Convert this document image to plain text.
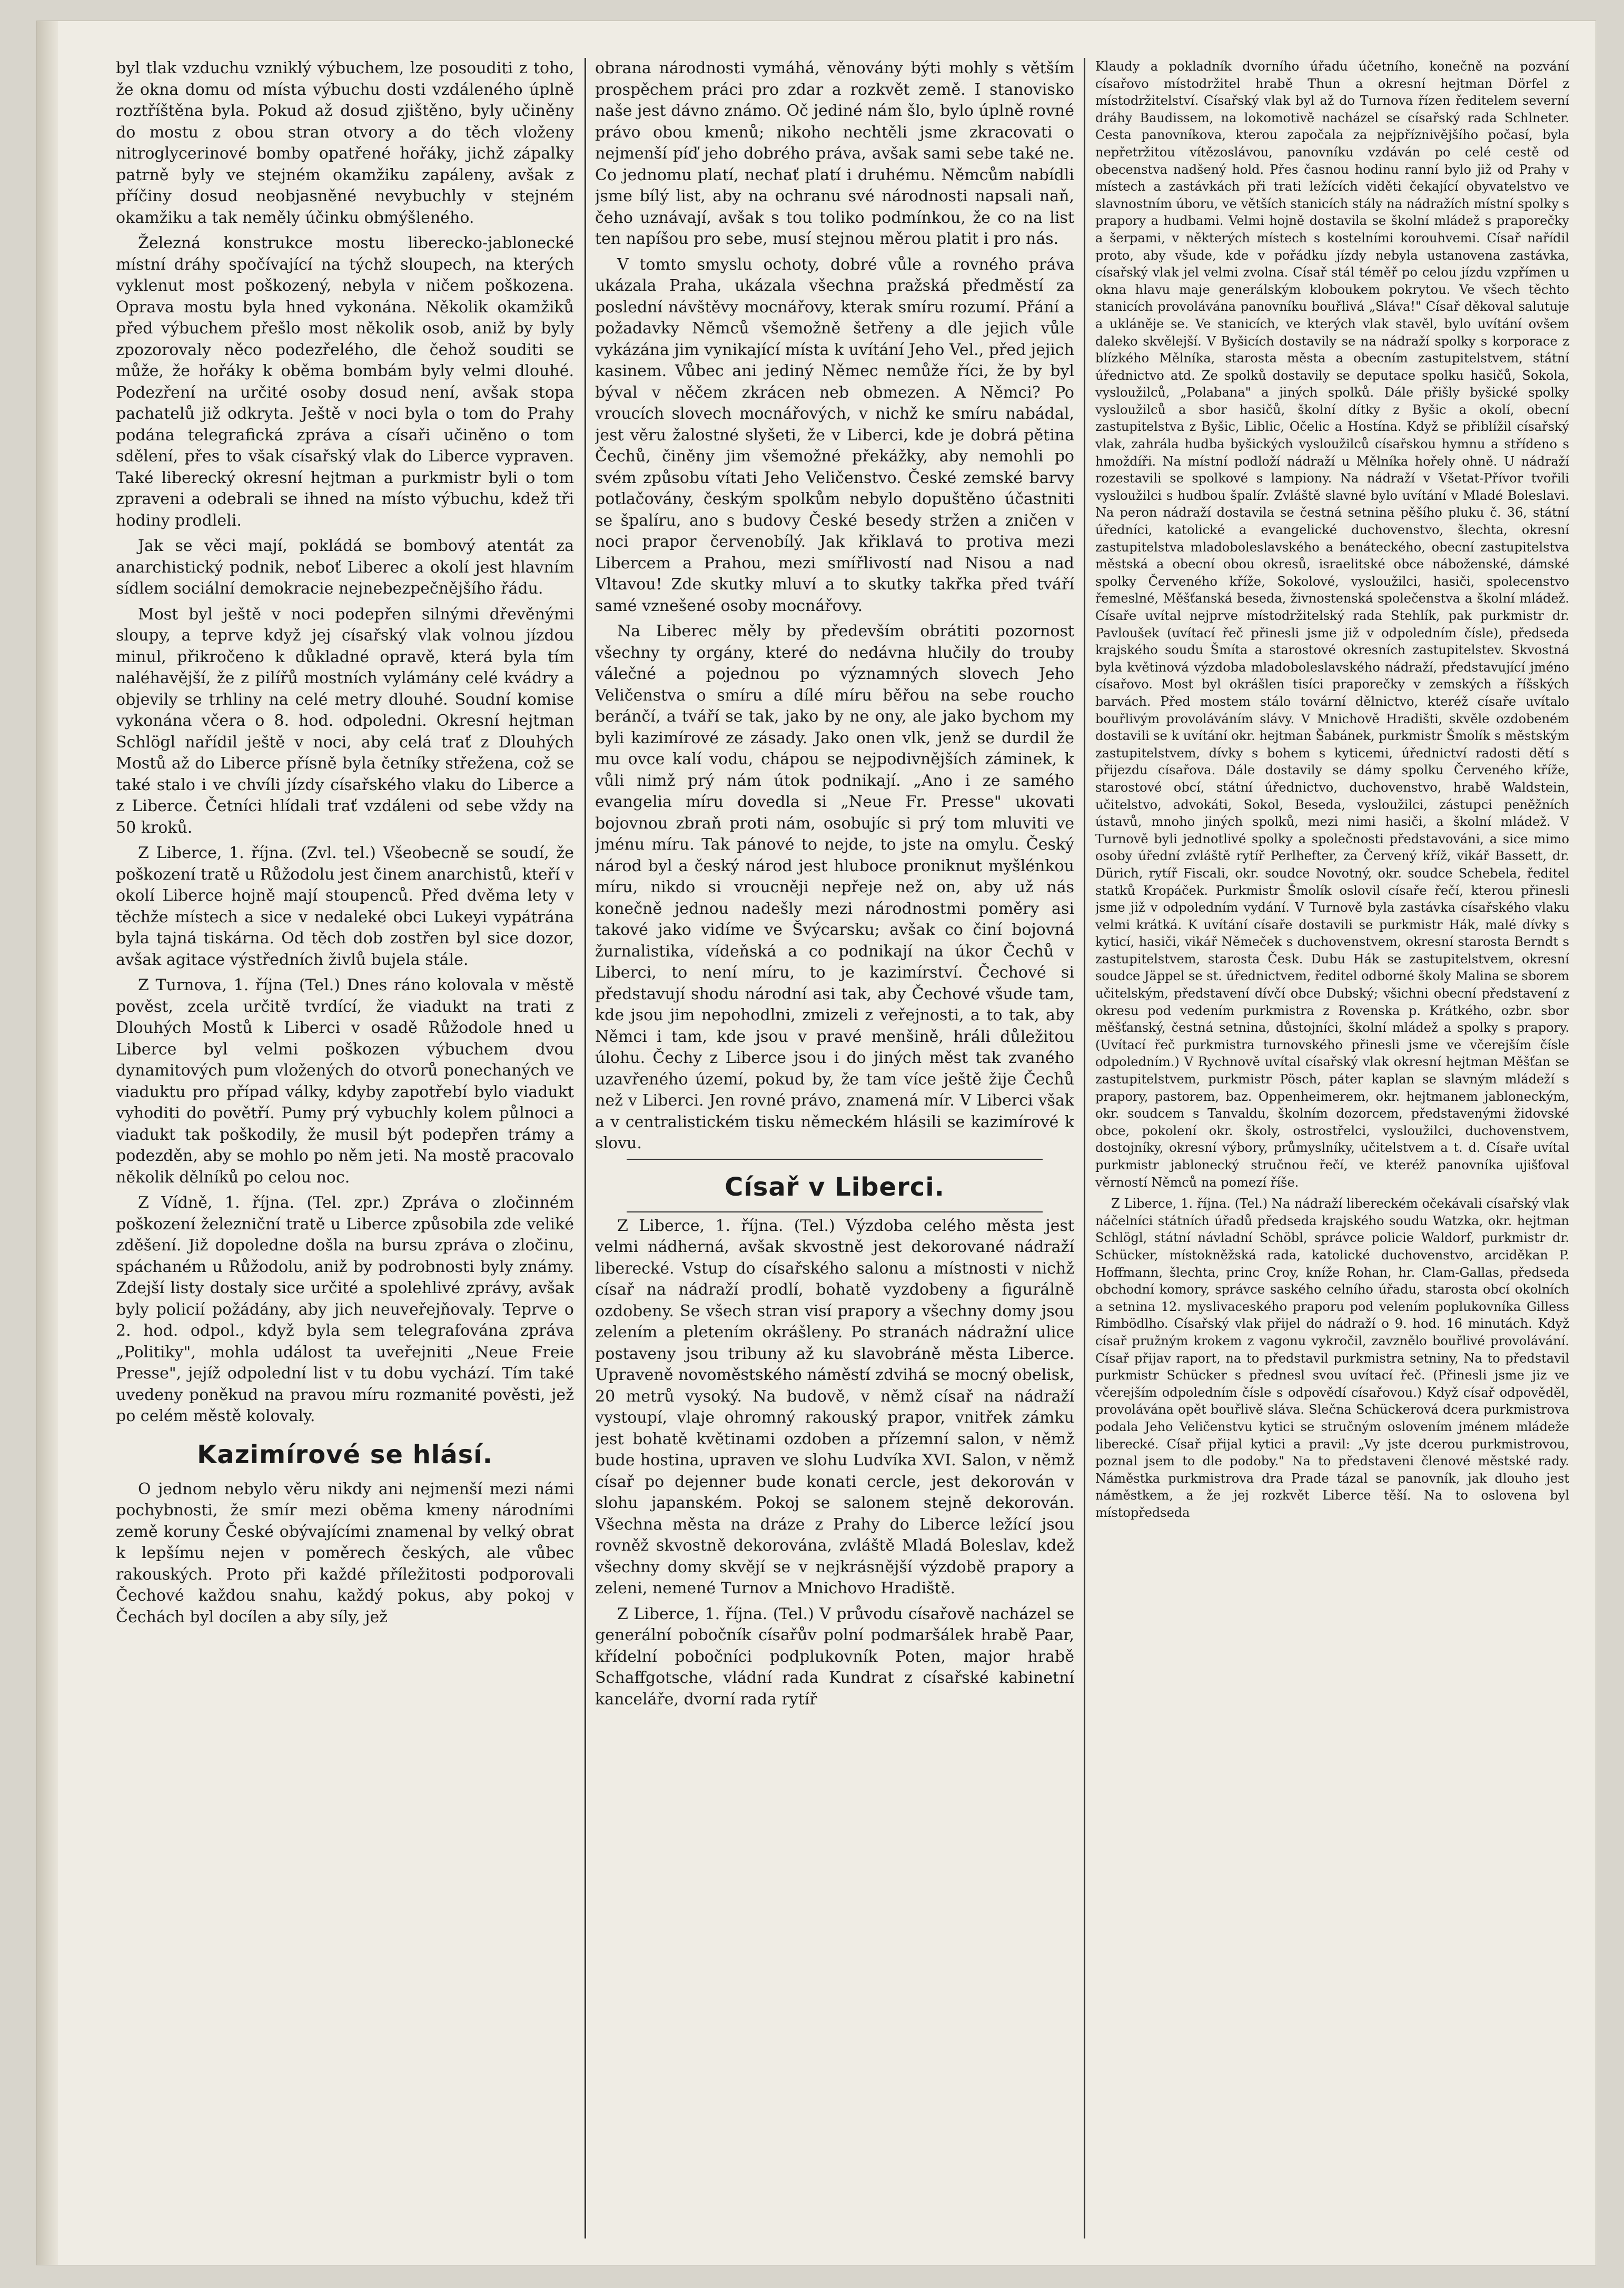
byl tlak vzduchu vzniklý výbuchem, lze posouditi z toho, že okna domu od místa výbuchu dosti vzdáleného úplně roztříštěna byla. Pokud až dosud zjištěno, byly učiněny do mostu z obou stran otvory a do těch vloženy nitroglycerinové bomby opatřené hořáky, jichž zápalky patrně byly ve stejném okamžiku zapáleny, avšak z příčiny dosud neobjasněné nevybuchly v stejném okamžiku a tak neměly účinku obmýšleného.

Železná konstrukce mostu liberecko-jablonecké místní dráhy spočívající na týchž sloupech, na kterých vyklenut most poškozený, nebyla v ničem poškozena. Oprava mostu byla hned vykonána. Několik okamžiků před výbuchem přešlo most několik osob, aniž by byly zpozorovaly něco podezřelého, dle čehož souditi se může, že hořáky k oběma bombám byly velmi dlouhé. Podezření na určité osoby dosud není, avšak stopa pachatelů již odkryta. Ještě v noci byla o tom do Prahy podána telegrafická zpráva a císaři učiněno o tom sdělení, přes to však císařský vlak do Liberce vypraven. Také liberecký okresní hejtman a purkmistr byli o tom zpraveni a odebrali se ihned na místo výbuchu, kdež tři hodiny prodleli.

Jak se věci mají, pokládá se bombový atentát za anarchistický podnik, neboť Liberec a okolí jest hlavním sídlem sociální demokracie nejnebezpečnějšího řádu.

Most byl ještě v noci podepřen silnými dřevěnými sloupy, a teprve když jej císařský vlak volnou jízdou minul, přikročeno k důkladné opravě, která byla tím naléhavější, že z pilířů mostních vylámány celé kvádry a objevily se trhliny na celé metry dlouhé. Soudní komise vykonána včera o 8. hod. odpoledni. Okresní hejtman Schlögl nařídil ještě v noci, aby celá trať z Dlouhých Mostů až do Liberce přísně byla četníky střežena, což se také stalo i ve chvíli jízdy císařského vlaku do Liberce a z Liberce. Četníci hlídali trať vzdáleni od sebe vždy na 50 kroků.

Z Liberce, 1. října. (Zvl. tel.) Všeobecně se soudí, že poškození tratě u Růžodolu jest činem anarchistů, kteří v okolí Liberce hojně mají stoupenců. Před dvěma lety v těchže místech a sice v nedaleké obci Lukeyi vypátrána byla tajná tiskárna. Od těch dob zostřen byl sice dozor, avšak agitace výstředních živlů bujela stále.

Z Turnova, 1. října (Tel.) Dnes ráno kolovala v městě pověst, zcela určitě tvrdící, že viadukt na trati z Dlouhých Mostů k Liberci v osadě Růžodole hned u Liberce byl velmi poškozen výbuchem dvou dynamitových pum vložených do otvorů ponechaných ve viaduktu pro případ války, kdyby zapotřebí bylo viadukt vyhoditi do povětří. Pumy prý vybuchly kolem půlnoci a viadukt tak poškodily, že musil být podepřen trámy a podezděn, aby se mohlo po něm jeti. Na mostě pracovalo několik dělníků po celou noc.

Z Vídně, 1. října. (Tel. zpr.) Zpráva o zločinném poškození železniční tratě u Liberce způsobila zde veliké zděšení. Již dopoledne došla na bursu zpráva o zločinu, spáchaném u Růžodolu, aniž by podrobnosti byly známy. Zdejší listy dostaly sice určité a spolehlivé zprávy, avšak byly policií požádány, aby jich neuveřejňovaly. Teprve o 2. hod. odpol., když byla sem telegrafována zpráva „Politiky", mohla událost ta uveřejniti „Neue Freie Presse", jejíž odpolední list v tu dobu vychází. Tím také uvedeny poněkud na pravou míru rozmanité pověsti, jež po celém městě kolovaly.

Kazimírové se hlásí.

O jednom nebylo věru nikdy ani nejmenší mezi námi pochybnosti, že smír mezi oběma kmeny národními země koruny České obývajícími znamenal by velký obrat k lepšímu nejen v poměrech českých, ale vůbec rakouských. Proto při každé příležitosti podporovali Čechové každou snahu, každý pokus, aby pokoj v Čechách byl docílen a aby síly, jež

obrana národnosti vymáhá, věnovány býti mohly s větším prospěchem práci pro zdar a rozkvět země. I stanovisko naše jest dávno známo. Oč jediné nám šlo, bylo úplně rovné právo obou kmenů; nikoho nechtěli jsme zkracovati o nejmenší píď jeho dobrého práva, avšak sami sebe také ne. Co jednomu platí, nechať platí i druhému. Němcům nabídli jsme bílý list, aby na ochranu své národnosti napsali naň, čeho uznávají, avšak s tou toliko podmínkou, že co na list ten napíšou pro sebe, musí stejnou měrou platit i pro nás.

V tomto smyslu ochoty, dobré vůle a rovného práva ukázala Praha, ukázala všechna pražská předměstí za poslední návštěvy mocnářovy, kterak smíru rozumí. Přání a požadavky Němců všemožně šetřeny a dle jejich vůle vykázána jim vynikající místa k uvítání Jeho Vel., před jejich kasinem. Vůbec ani jediný Němec nemůže říci, že by byl býval v něčem zkrácen neb obmezen. A Němci? Po vroucích slovech mocnářových, v nichž ke smíru nabádal, jest věru žalostné slyšeti, že v Liberci, kde je dobrá pětina Čechů, činěny jim všemožné překážky, aby nemohli po svém způsobu vítati Jeho Veličenstvo. České zemské barvy potlačovány, českým spolkům nebylo dopuštěno účastniti se špalíru, ano s budovy České besedy stržen a zničen v noci prapor červenobílý. Jak křiklavá to protiva mezi Libercem a Prahou, mezi smířlivostí nad Nisou a nad Vltavou! Zde skutky mluví a to skutky takřka před tváří samé vznešené osoby mocnářovy.

Na Liberec měly by především obrátiti pozornost všechny ty orgány, které do nedávna hlučily do trouby válečné a pojednou po významných slovech Jeho Veličenstva o smíru a dílé míru běřou na sebe roucho beránčí, a tváří se tak, jako by ne ony, ale jako bychom my byli kazimírové ze zásady. Jako onen vlk, jenž se durdil že mu ovce kalí vodu, chápou se nejpodivnějších záminek, k vůli nimž prý nám útok podnikají. „Ano i ze samého evangelia míru dovedla si „Neue Fr. Presse" ukovati bojovnou zbraň proti nám, osobujíc si prý tom mluviti ve jménu míru. Tak pánové to nejde, to jste na omylu. Český národ byl a český národ jest hluboce proniknut myšlénkou míru, nikdo si vroucněji nepřeje než on, aby už nás konečně jednou nadešly mezi národnostmi poměry asi takové jako vidíme ve Švýcarsku; avšak co činí bojovná žurnalistika, vídeňská a co podnikají na úkor Čechů v Liberci, to není míru, to je kazimírství. Čechové si představují shodu národní asi tak, aby Čechové všude tam, kde jsou jim nepohodlni, zmizeli z veřejnosti, a to tak, aby Němci i tam, kde jsou v pravé menšině, hráli důležitou úlohu. Čechy z Liberce jsou i do jiných měst tak zvaného uzavřeného území, pokud by, že tam více ještě žije Čechů než v Liberci. Jen rovné právo, znamená mír. V Liberci však a v centralistickém tisku německém hlásili se kazimírové k slovu.

Císař v Liberci.

Z Liberce, 1. října. (Tel.) Výzdoba celého města jest velmi nádherná, avšak skvostně jest dekorované nádraží liberecké. Vstup do císařského salonu a místnosti v nichž císař na nádraží prodlí, bohatě vyzdobeny a figurálně ozdobeny. Se všech stran visí prapory a všechny domy jsou zelením a pletením okrášleny. Po stranách nádražní ulice postaveny jsou tribuny až ku slavobráně města Liberce. Upraveně novoměstského náměstí zdvihá se mocný obelisk, 20 metrů vysoký. Na budově, v němž císař na nádraží vystoupí, vlaje ohromný rakouský prapor, vnitřek zámku jest bohatě květinami ozdoben a přízemní salon, v němž bude hostina, upraven ve slohu Ludvíka XVI. Salon, v němž císař po dejenner bude konati cercle, jest dekorován v slohu japanském. Pokoj se salonem stejně dekorován. Všechna města na dráze z Prahy do Liberce ležící jsou rovněž skvostně dekorována, zvláště Mladá Boleslav, kdež všechny domy skvějí se v nejkrásnější výzdobě prapory a zeleni, nemené Turnov a Mnichovo Hradiště.

Z Liberce, 1. října. (Tel.) V průvodu císařově nacházel se generální pobočník císařův polní podmaršálek hrabě Paar, křídelní pobočníci podplukovník Poten, major hrabě Schaffgotsche, vládní rada Kundrat z císařské kabinetní kanceláře, dvorní rada rytíř

Klaudy a pokladník dvorního úřadu účetního, konečně na pozvání císařovo místodržitel hrabě Thun a okresní hejtman Dörfel z místodržitelství. Císařský vlak byl až do Turnova řízen ředitelem severní dráhy Baudissem, na lokomotivě nacházel se císařský rada Schlneter. Cesta panovníkova, kterou započala za nejpříznivějšího počasí, byla nepřetržitou vítězoslávou, panovníku vzdáván po celé cestě od obecenstva nadšený hold. Přes časnou hodinu ranní bylo již od Prahy v místech a zastávkách při trati ležících viděti čekající obyvatelstvo ve slavnostním úboru, ve větších stanicích stály na nádražích místní spolky s prapory a hudbami. Velmi hojně dostavila se školní mládež s praporečky a šerpami, v některých místech s kostelními korouhvemi. Císař nařídil proto, aby všude, kde v pořádku jízdy nebyla ustanovena zastávka, císařský vlak jel velmi zvolna. Císař stál téměř po celou jízdu vzpřímen u okna hlavu maje generálským kloboukem pokrytou. Ve všech těchto stanicích provolávána panovníku bouřlivá „Sláva!" Císař děkoval salutuje a ukláněje se. Ve stanicích, ve kterých vlak stavěl, bylo uvítání ovšem daleko skvělejší. V Byšicích dostavily se na nádraží spolky s korporace z blízkého Mělníka, starosta města a obecním zastupitelstvem, státní úřednictvo atd. Ze spolků dostavily se deputace spolku hasičů, Sokola, vysloužilců, „Polabana" a jiných spolků. Dále přišly byšické spolky vysloužilců a sbor hasičů, školní dítky z Byšic a okolí, obecní zastupitelstva z Byšic, Liblic, Očelic a Hostína. Když se přiblížil císařský vlak, zahrála hudba byšických vysloužilců císařskou hymnu a střídeno s hmoždíři. Na místní podloží nádraží u Mělníka hořely ohně. U nádraží rozestavili se spolkové s lampiony. Na nádraží v Všetat-Přívor tvořili vysloužilci s hudbou špalír. Zvláště slavné bylo uvítání v Mladé Boleslavi. Na peron nádraží dostavila se čestná setnina pěšího pluku č. 36, státní úředníci, katolické a evangelické duchovenstvo, šlechta, okresní zastupitelstva mladoboleslavského a benáteckého, obecní zastupitelstva městská a obecní obou okresů, israelitské obce náboženské, dámské spolky Červeného kříže, Sokolové, vysloužilci, hasiči, spolecenstvo řemeslné, Měšťanská beseda, živnostenská společenstva a školní mládež. Císaře uvítal nejprve místodržitelský rada Stehlík, pak purkmistr dr. Pavloušek (uvítací řeč přinesli jsme již v odpoledním čísle), předseda krajského soudu Šmíta a starostové okresních zastupitelstev. Skvostná byla květinová výzdoba mladoboleslavského nádraží, představující jméno císařovo. Most byl okrášlen tisíci praporečky v zemských a říšských barvách. Před mostem stálo tovární dělnictvo, kteréž císaře uvítalo bouřlivým provoláváním slávy. V Mnichově Hradišti, skvěle ozdobeném dostavili se k uvítání okr. hejtman Šabánek, purkmistr Šmolík s městským zastupitelstvem, dívky s bohem s kyticemi, úřednictví radosti dětí s přijezdu císařova. Dále dostavily se dámy spolku Červeného kříže, starostové obcí, státní úřednictvo, duchovenstvo, hrabě Waldstein, učitelstvo, advokáti, Sokol, Beseda, vysloužilci, zástupci peněžních ústavů, mnoho jiných spolků, mezi nimi hasiči, a školní mládež. V Turnově byli jednotlivé spolky a společnosti představováni, a sice mimo osoby úřední zvláště rytíř Perlhefter, za Červený kříž, vikář Bassett, dr. Dürich, rytíř Fiscali, okr. soudce Novotný, okr. soudce Schebela, ředitel statků Kropáček. Purkmistr Šmolík oslovil císaře řečí, kterou přinesli jsme již v odpoledním vydání. V Turnově byla zastávka císařského vlaku velmi krátká. K uvítání císaře dostavili se purkmistr Hák, malé dívky s kyticí, hasiči, vikář Němeček s duchovenstvem, okresní starosta Berndt s zastupitelstvem, starosta Česk. Dubu Hák se zastupitelstvem, okresní soudce Jäppel se st. úřednictvem, ředitel odborné školy Malina se sborem učitelským, představení dívčí obce Dubský; všichni obecní představení z okresu pod vedením purkmistra z Rovenska p. Krátkého, ozbr. sbor měšťanský, čestná setnina, důstojníci, školní mládež a spolky s prapory. (Uvítací řeč purkmistra turnovského přinesli jsme ve včerejším čísle odpoledním.) V Rychnově uvítal císařský vlak okresní hejtman Měšťan se zastupitelstvem, purkmistr Pösch, páter kaplan se slavným mládeží s prapory, pastorem, baz. Oppenheimerem, okr. hejtmanem jabloneckým, okr. soudcem s Tanvaldu, školním dozorcem, představenými židovské obce, pokolení okr. školy, ostrostřelci, vysloužilci, duchovenstvem, dostojníky, okresní výbory, průmyslníky, učitelstvem a t. d. Císaře uvítal purkmistr jablonecký stručnou řečí, ve kteréž panovníka ujišťoval věrností Němců na pomezí říše.

Z Liberce, 1. října. (Tel.) Na nádraží libereckém očekávali císařský vlak náčelníci státních úřadů předseda krajského soudu Watzka, okr. hejtman Schlögl, státní návladní Schöbl, správce policie Waldorf, purkmistr dr. Schücker, místokněžská rada, katolické duchovenstvo, arciděkan P. Hoffmann, šlechta, princ Croy, kníže Rohan, hr. Clam-Gallas, předseda obchodní komory, správce saského celního úřadu, starosta obcí okolních a setnina 12. myslivaceského praporu pod velením poplukovníka Gilless Rimbödlho. Císařský vlak přijel do nádraží o 9. hod. 16 minutách. Když císař pružným krokem z vagonu vykročil, zavznělo bouřlivé provolávání. Císař přijav raport, na to představil purkmistra setniny, Na to představil purkmistr Schücker s přednesl svou uvítací řeč. (Přinesli jsme jiz ve včerejším odpoledním čísle s odpovědí císařovou.) Když císař odpověděl, provolávána opět bouřlivě sláva. Slečna Schückerová dcera purkmistrova podala Jeho Veličenstvu kytici se stručným oslovením jménem mládeže liberecké. Císař přijal kytici a pravil: „Vy jste dcerou purkmistrovou, poznal jsem to dle podoby." Na to představeni členové městské rady. Náměstka purkmistrova dra Prade tázal se panovník, jak dlouho jest náměstkem, a že jej rozkvět Liberce těší. Na to oslovena byl místopředseda
